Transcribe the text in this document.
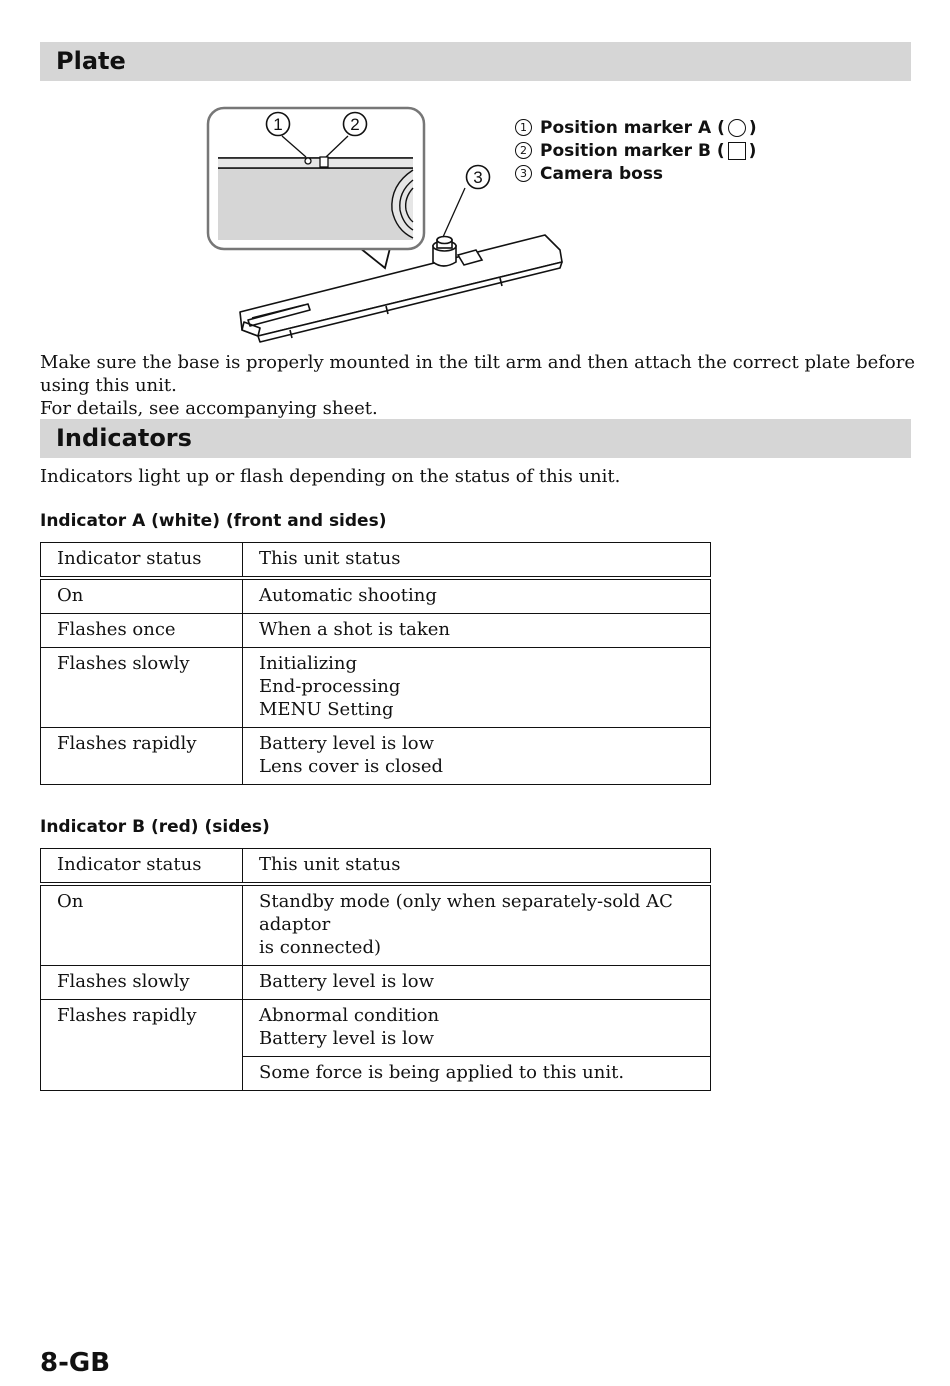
Plate
1	2
3
1 Position marker A ( )
2 Position marker B ( )
3 Camera boss
Make sure the base is properly mounted in the tilt arm and then attach the correct plate before using this unit.
For details, see accompanying sheet.
Indicators
Indicators light up or flash depending on the status of this unit.
Indicator A (white) (front and sides)
Indicator status	This unit status
On	Automatic shooting

Flashes once	When a shot is taken

Flashes slowly	Initializing
End-processing
MENU Setting

Flashes rapidly	Battery level is low
Lens cover is closed
Indicator B (red) (sides)
Indicator status	This unit status
On	Standby mode (only when separately-sold AC adaptor
is connected)

Flashes slowly	Battery level is low

Flashes rapidly	Abnormal condition
Battery level is low

	Some force is being applied to this unit.
8-GB
